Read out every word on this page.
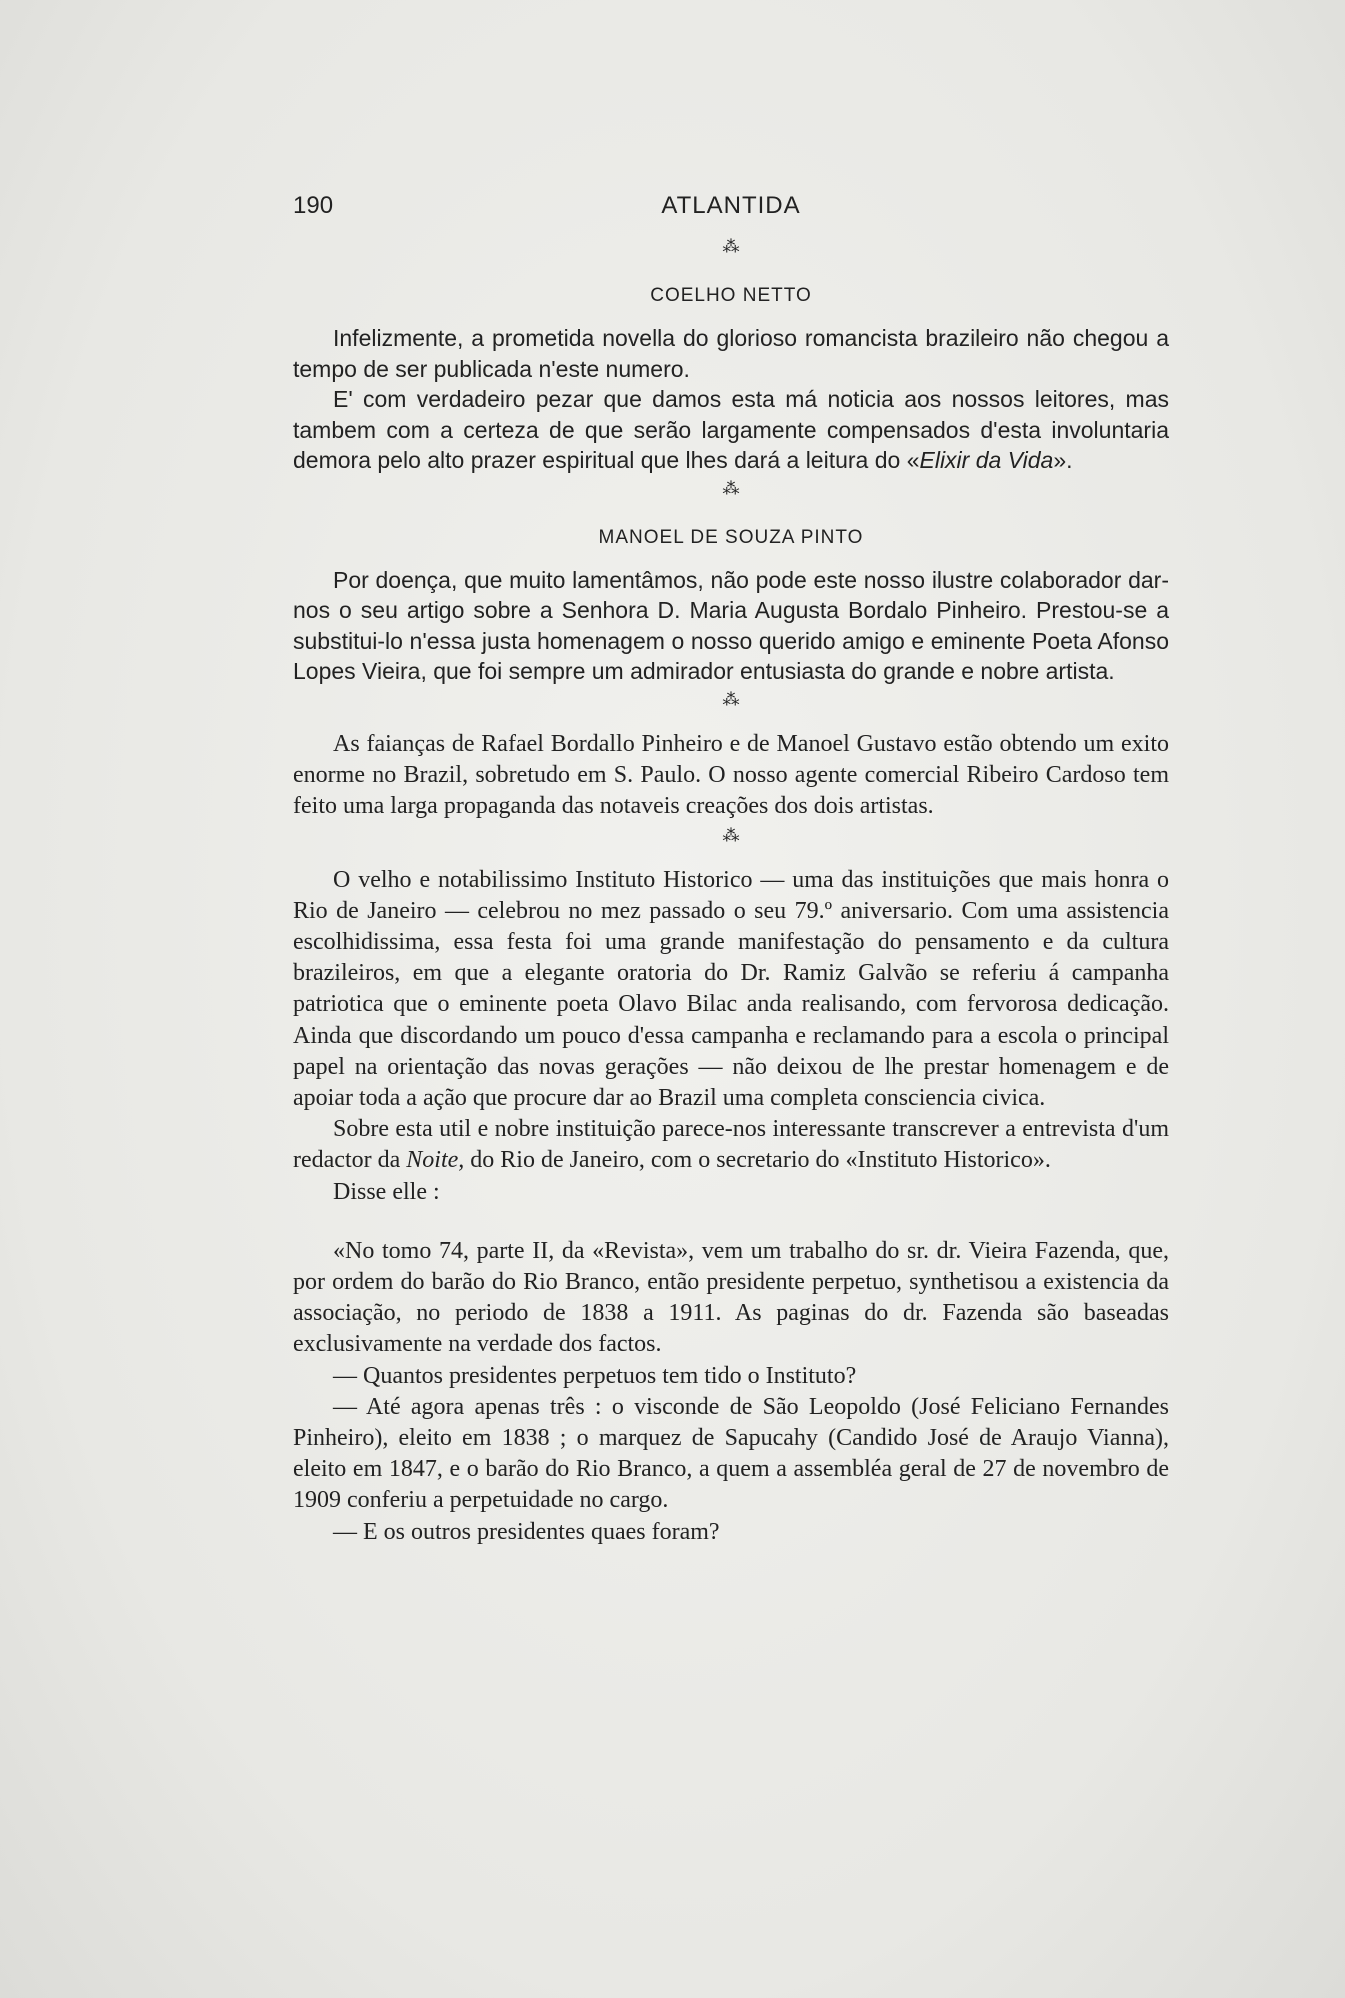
190	ATLANTIDA
⁂
COELHO NETTO

Infelizmente, a prometida novella do glorioso romancista brazileiro não chegou a tempo de ser publicada n'este numero.

E' com verdadeiro pezar que damos esta má noticia aos nossos leitores, mas tambem com a certeza de que serão largamente compensados d'esta involuntaria demora pelo alto prazer espiritual que lhes dará a leitura do «Elixir da Vida».

⁂
MANOEL DE SOUZA PINTO

Por doença, que muito lamentâmos, não pode este nosso ilustre colaborador dar-nos o seu artigo sobre a Senhora D. Maria Augusta Bordalo Pinheiro. Prestou-se a substitui-lo n'essa justa homenagem o nosso querido amigo e eminente Poeta Afonso Lopes Vieira, que foi sempre um admirador entusiasta do grande e nobre artista.

⁂

As faianças de Rafael Bordallo Pinheiro e de Manoel Gustavo estão obtendo um exito enorme no Brazil, sobretudo em S. Paulo. O nosso agente comercial Ribeiro Cardoso tem feito uma larga propaganda das notaveis creações dos dois artistas.

⁂

O velho e notabilissimo Instituto Historico — uma das instituições que mais honra o Rio de Janeiro — celebrou no mez passado o seu 79.º aniversario. Com uma assistencia escolhidissima, essa festa foi uma grande manifestação do pensamento e da cultura brazileiros, em que a elegante oratoria do Dr. Ramiz Galvão se referiu á campanha patriotica que o eminente poeta Olavo Bilac anda realisando, com fervorosa dedicação. Ainda que discordando um pouco d'essa campanha e reclamando para a escola o principal papel na orientação das novas gerações — não deixou de lhe prestar homenagem e de apoiar toda a ação que procure dar ao Brazil uma completa consciencia civica.

Sobre esta util e nobre instituição parece-nos interessante transcrever a entrevista d'um redactor da Noite, do Rio de Janeiro, com o secretario do «Instituto Historico».

Disse elle :

«No tomo 74, parte II, da «Revista», vem um trabalho do sr. dr. Vieira Fazenda, que, por ordem do barão do Rio Branco, então presidente perpetuo, synthetisou a existencia da associação, no periodo de 1838 a 1911. As paginas do dr. Fazenda são baseadas exclusivamente na verdade dos factos.

— Quantos presidentes perpetuos tem tido o Instituto?

— Até agora apenas três : o visconde de São Leopoldo (José Feliciano Fernandes Pinheiro), eleito em 1838 ; o marquez de Sapucahy (Candido José de Araujo Vianna), eleito em 1847, e o barão do Rio Branco, a quem a assembléa geral de 27 de novembro de 1909 conferiu a perpetuidade no cargo.

— E os outros presidentes quaes foram?
